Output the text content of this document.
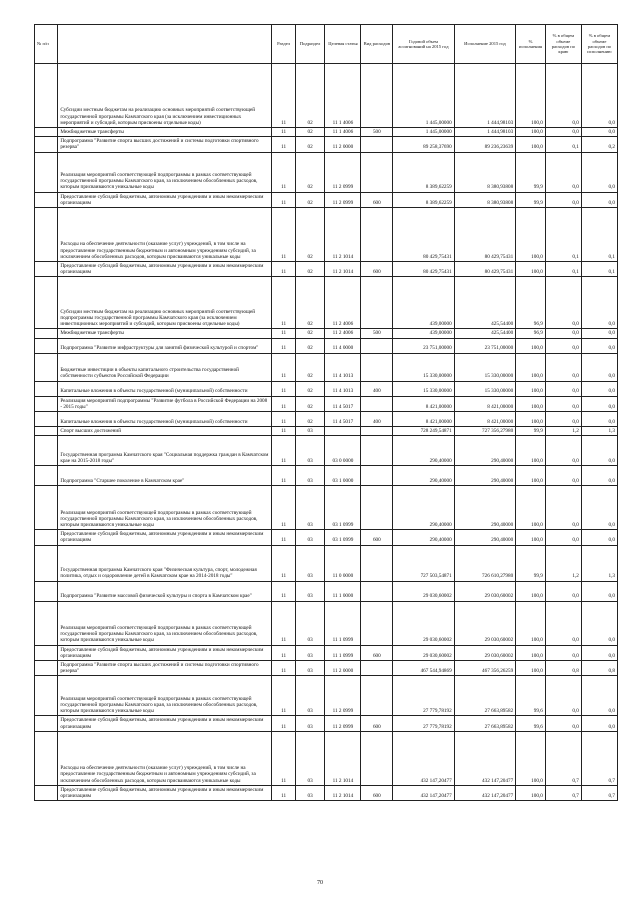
№ п/п		Раздел	Подраздел	Целевая статья	Вид расходов	Годовой объем ассигнований на 2015 год	Исполнение 2015 год	% исполнения	% в общем объеме расходов по краю	% в общем объеме расходов по исполнению
	Субсидии местным бюджетам на реализацию основных мероприятий соответствующей государственной программы Камчатского края (за исключением инвестиционных мероприятий и субсидий, которым присвоены отдельные коды)	11	02	11 1 4006		1 445,00000	1 444,98103	100,0	0,0	0,0
	Межбюджетные трансферты	11	02	11 1 4006	500	1 445,00000	1 444,98103	100,0	0,0	0,0
	Подпрограмма "Развитие спорта высших достижений и системы подготовки спортивного резерва"	11	02	11 2 0000		89 258,37690	89 236,23639	100,0	0,1	0,2
	Реализация мероприятий соответствующей подпрограммы в рамках соответствующей государственной программы Камчатского края, за исключением обособленных расходов, которым присваиваются уникальные коды	11	02	11 2 0999		8 389,62259	8 380,93808	99,9	0,0	0,0
	Предоставление субсидий бюджетным, автономным учреждениям и иным некоммерческим организациям	11	02	11 2 0999	600	8 389,62259	8 380,93808	99,9	0,0	0,0
	Расходы на обеспечение деятельности (оказание услуг) учреждений, в том числе на предоставление государственным бюджетным и автономным учреждениям субсидий, за исключением обособленных расходов, которым присваиваются уникальные коды	11	02	11 2 1014		80 429,75431	80 429,75431	100,0	0,1	0,1
	Предоставление субсидий бюджетным, автономным учреждениям и иным некоммерческим организациям	11	02	11 2 1014	600	80 429,75431	80 429,75431	100,0	0,1	0,1
	Субсидии местным бюджетам на реализацию основных мероприятий соответствующей подпрограммы государственной программы Камчатского края (за исключением инвестиционных мероприятий и субсидий, которым присвоены отдельные коды)	11	02	11 2 4006		439,00000	425,54400	96,9	0,0	0,0
	Межбюджетные трансферты	11	02	11 2 4006	500	439,00000	425,54400	96,9	0,0	0,0
	Подпрограмма "Развитие инфраструктуры для занятий физической культурой и спортом"	11	02	11 4 0000		23 751,00000	23 751,00000	100,0	0,0	0,0
	Бюджетные инвестиции в объекты капитального строительства государственной собственности субъектов Российской Федерации	11	02	11 4 1013		15 330,00000	15 330,00000	100,0	0,0	0,0
	Капитальные вложения в объекты государственной (муниципальной) собственности	11	02	11 4 1013	400	15 330,00000	15 330,00000	100,0	0,0	0,0
	Реализация мероприятий подпрограммы "Развитие футбола в Российской Федерации на 2008 - 2015 годы"	11	02	11 4 5017		8 421,00000	8 421,00000	100,0	0,0	0,0
	Капитальные вложения в объекты государственной (муниципальной) собственности	11	02	11 4 5017	400	8 421,00000	8 421,00000	100,0	0,0	0,0
	Спорт высших достижений	11	03			728 249,54871	727 356,27980	99,9	1,2	1,3
	Государственная программа Камчатского края "Социальная поддержка граждан в Камчатском крае на 2015-2018 годы"	11	03	03 0 0000		290,40000	290,40000	100,0	0,0	0,0
	Подпрограмма "Старшее поколение в Камчатском крае"	11	03	03 1 0000		290,40000	290,40000	100,0	0,0	0,0
	Реализация мероприятий соответствующей подпрограммы в рамках соответствующей государственной программы Камчатского края, за исключением обособленных расходов, которым присваиваются уникальные коды	11	03	03 1 0999		290,40000	290,40000	100,0	0,0	0,0
	Предоставление субсидий бюджетным, автономным учреждениям и иным некоммерческим организациям	11	03	03 1 0999	600	290,40000	290,40000	100,0	0,0	0,0
	Государственная программа Камчатского края "Физическая культура, спорт, молодежная политика, отдых и оздоровление детей в Камчатском крае на 2014-2018 годы"	11	03	11 0 0000		727 503,54871	726 610,27980	99,9	1,2	1,3
	Подпрограмма "Развитие массовой физической культуры и спорта в Камчатском крае"	11	03	11 1 0000		29 030,60002	29 030,60002	100,0	0,0	0,0
	Реализация мероприятий соответствующей подпрограммы в рамках соответствующей государственной программы Камчатского края, за исключением обособленных расходов, которым присваиваются уникальные коды	11	03	11 1 0999		29 030,60002	29 030,60002	100,0	0,0	0,0
	Предоставление субсидий бюджетным, автономным учреждениям и иным некоммерческим организациям	11	03	11 1 0999	600	29 030,60002	29 030,60002	100,0	0,0	0,0
	Подпрограмма "Развитие спорта высших достижений и системы подготовки спортивного резерва"	11	03	11 2 0000		467 544,94869	467 356,26259	100,0	0,8	0,8
	Реализация мероприятий соответствующей подпрограммы в рамках соответствующей государственной программы Камчатского края, за исключением обособленных расходов, которым присваиваются уникальные коды	11	03	11 2 0999		27 779,78192	27 663,89582	99,6	0,0	0,0
	Предоставление субсидий бюджетным, автономным учреждениям и иным некоммерческим организациям	11	03	11 2 0999	600	27 779,78192	27 663,89582	99,6	0,0	0,0
	Расходы на обеспечение деятельности (оказание услуг) учреждений, в том числе на предоставление государственным бюджетным и автономным учреждениям субсидий, за исключением обособленных расходов, которым присваиваются уникальные коды	11	03	11 2 1014		432 147,20477	432 147,20477	100,0	0,7	0,7
	Предоставление субсидий бюджетным, автономным учреждениям и иным некоммерческим организациям	11	03	11 2 1014	600	432 147,20477	432 147,20477	100,0	0,7	0,7
70
